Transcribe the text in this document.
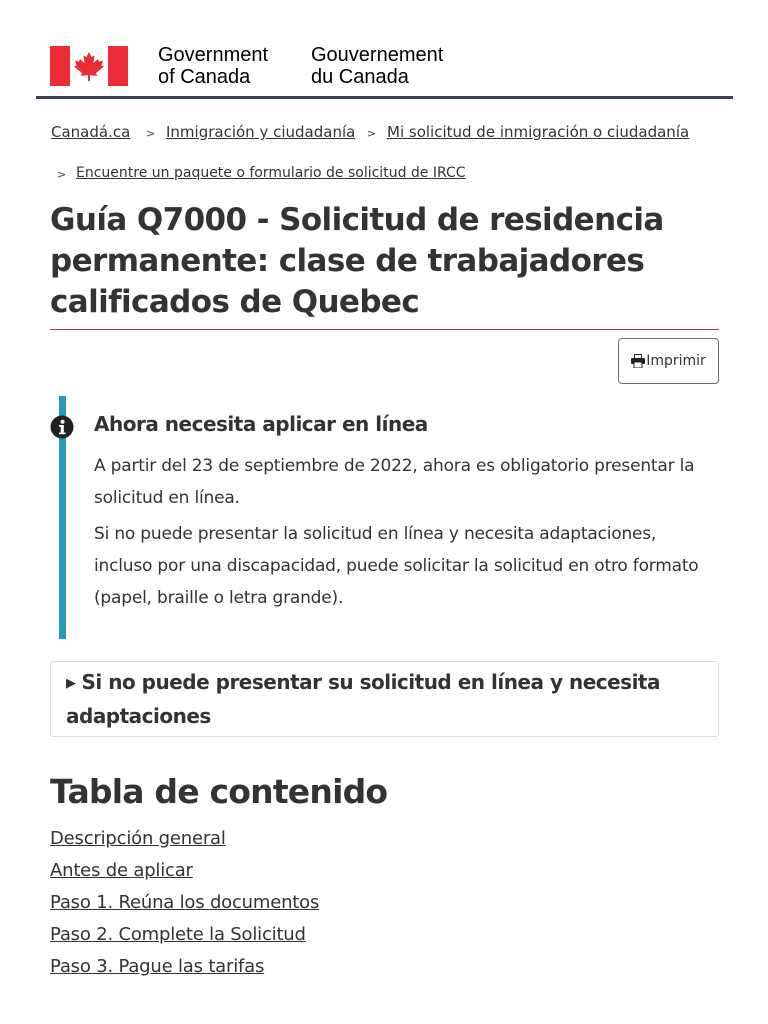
Government
of Canada
Gouvernement
du Canada
Canadá.ca > Inmigración y ciudadanía > Mi solicitud de inmigración o ciudadanía
> Encuentre un paquete o formulario de solicitud de IRCC
Guía Q7000 - Solicitud de residencia permanente: clase de trabajadores calificados de Quebec
Imprimir
Ahora necesita aplicar en línea

A partir del 23 de septiembre de 2022, ahora es obligatorio presentar la solicitud en línea.

Si no puede presentar la solicitud en línea y necesita adaptaciones, incluso por una discapacidad, puede solicitar la solicitud en otro formato (papel, braille o letra grande).

▶ Si no puede presentar su solicitud en línea y necesita adaptaciones
Tabla de contenido
Descripción general
Antes de aplicar
Paso 1. Reúna los documentos
Paso 2. Complete la Solicitud
Paso 3. Pague las tarifas
